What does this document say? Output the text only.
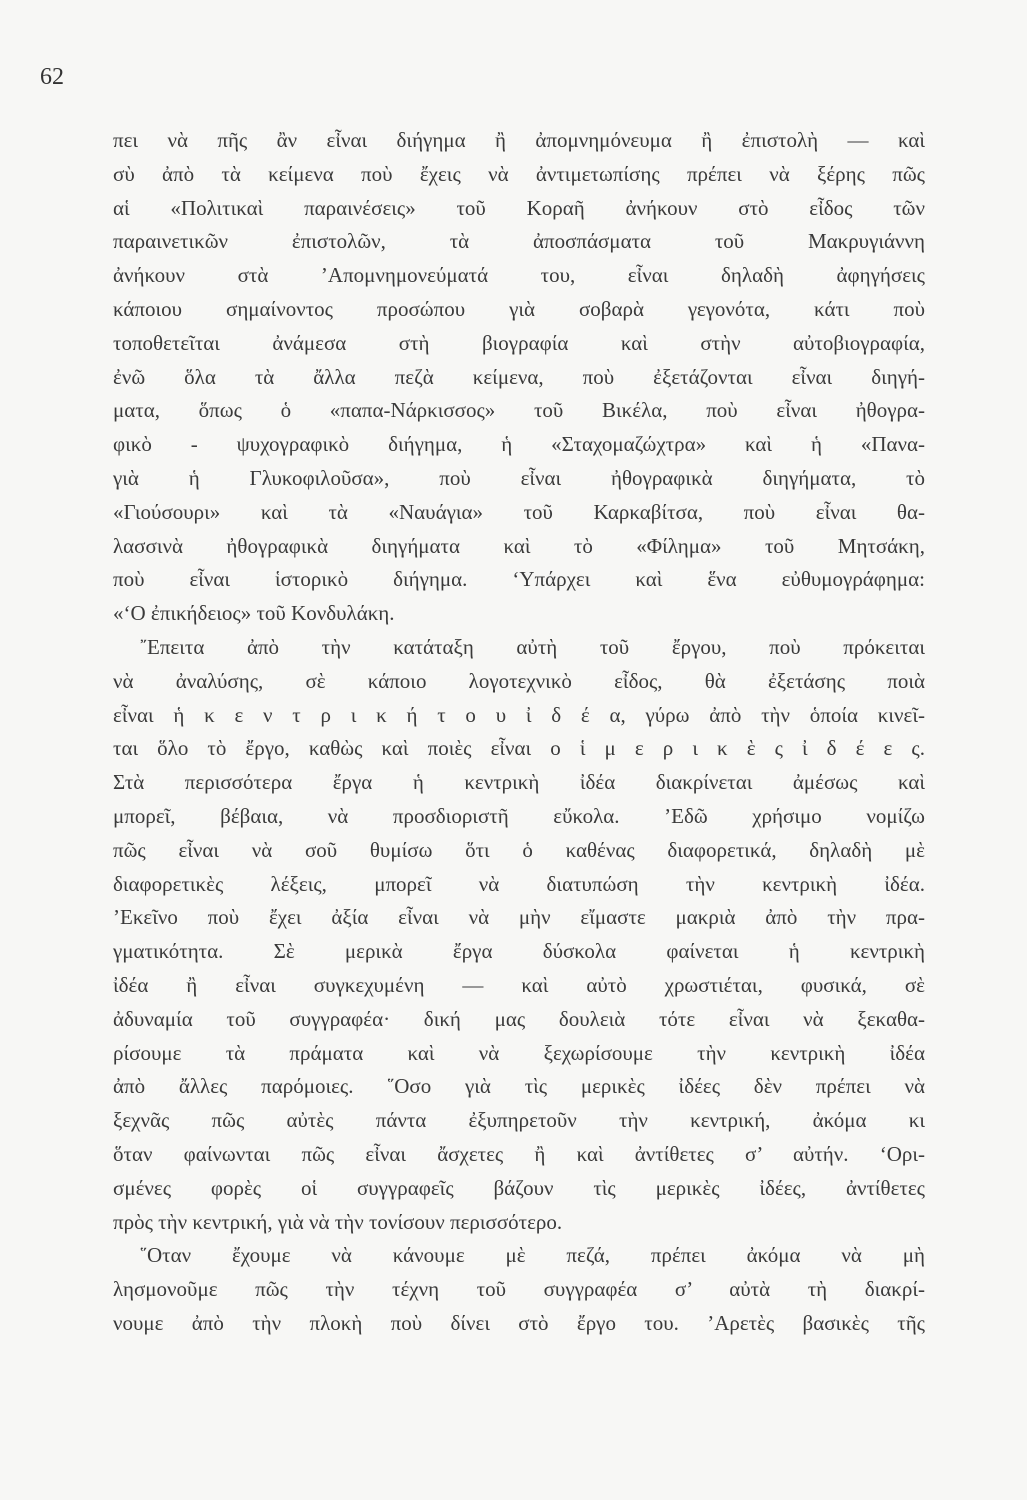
62
πει νὰ πῆς ἂν εἶναι διήγημα ἢ ἀπομνημόνευμα ἢ ἐπιστολὴ — καὶ
σὺ ἀπὸ τὰ κείμενα ποὺ ἔχεις νὰ ἀντιμετωπίσης πρέπει νὰ ξέρης πῶς
αἱ «Πολιτικαὶ παραινέσεις» τοῦ Κοραῆ ἀνήκουν στὸ εἶδος τῶν
παραινετικῶν ἐπιστολῶν, τὰ ἀποσπάσματα τοῦ Μακρυγιάννη
ἀνήκουν στὰ ’Απομνημονεύματά του, εἶναι δηλαδὴ ἀφηγήσεις
κάποιου σημαίνοντος προσώπου γιὰ σοβαρὰ γεγονότα, κάτι ποὺ
τοποθετεῖται ἀνάμεσα στὴ βιογραφία καὶ στὴν αὐτοβιογραφία,
ἐνῶ ὅλα τὰ ἄλλα πεζὰ κείμενα, ποὺ ἐξετάζονται εἶναι διηγή-
ματα, ὅπως ὁ «παπα-Νάρκισσος» τοῦ Βικέλα, ποὺ εἶναι ἠθογρα-
φικὸ - ψυχογραφικὸ διήγημα, ἡ «Σταχομαζώχτρα» καὶ ἡ «Πανα-
γιὰ ἡ Γλυκοφιλοῦσα», ποὺ εἶναι ἠθογραφικὰ διηγήματα, τὸ
«Γιούσουρι» καὶ τὰ «Ναυάγια» τοῦ Καρκαβίτσα, ποὺ εἶναι θα-
λασσινὰ ἠθογραφικὰ διηγήματα καὶ τὸ «Φίλημα» τοῦ Μητσάκη,
ποὺ εἶναι ἱστορικὸ διήγημα. ‘Υπάρχει καὶ ἕνα εὐθυμογράφημα:
«‘Ο ἐπικήδειος» τοῦ Κονδυλάκη.
῎Επειτα ἀπὸ τὴν κατάταξη αὐτὴ τοῦ ἔργου, ποὺ πρόκειται
νὰ ἀναλύσης, σὲ κάποιο λογοτεχνικὸ εἶδος, θὰ ἐξετάσης ποιὰ
εἶναι ἡ κ ε ν τ ρ ι κ ή τ ο υ ἰ δ έ α, γύρω ἀπὸ τὴν ὁποία κινεῖ-
ται ὅλο τὸ ἔργο, καθὼς καὶ ποιὲς εἶναι ο ἱ μ ε ρ ι κ ὲ ς ἰ δ έ ε ς.
Στὰ περισσότερα ἔργα ἡ κεντρικὴ ἰδέα διακρίνεται ἀμέσως καὶ
μπορεῖ, βέβαια, νὰ προσδιοριστῆ εὔκολα. ’Εδῶ χρήσιμο νομίζω
πῶς εἶναι νὰ σοῦ θυμίσω ὅτι ὁ καθένας διαφορετικά, δηλαδὴ μὲ
διαφορετικὲς λέξεις, μπορεῖ νὰ διατυπώση τὴν κεντρικὴ ἰδέα.
’Εκεῖνο ποὺ ἔχει ἀξία εἶναι νὰ μὴν εἴμαστε μακριὰ ἀπὸ τὴν πρα-
γματικότητα. Σὲ μερικὰ ἔργα δύσκολα φαίνεται ἡ κεντρικὴ
ἰδέα ἢ εἶναι συγκεχυμένη — καὶ αὐτὸ χρωστιέται, φυσικά, σὲ
ἀδυναμία τοῦ συγγραφέα· δική μας δουλειὰ τότε εἶναι νὰ ξεκαθα-
ρίσουμε τὰ πράματα καὶ νὰ ξεχωρίσουμε τὴν κεντρικὴ ἰδέα
ἀπὸ ἄλλες παρόμοιες. ῞Οσο γιὰ τὶς μερικὲς ἰδέες δὲν πρέπει νὰ
ξεχνᾶς πῶς αὐτὲς πάντα ἐξυπηρετοῦν τὴν κεντρική, ἀκόμα κι
ὅταν φαίνωνται πῶς εἶναι ἄσχετες ἢ καὶ ἀντίθετες σ’ αὐτήν. ‘Ορι-
σμένες φορὲς οἱ συγγραφεῖς βάζουν τὶς μερικὲς ἰδέες, ἀντίθετες
πρὸς τὴν κεντρική, γιὰ νὰ τὴν τονίσουν περισσότερο.
῞Οταν ἔχουμε νὰ κάνουμε μὲ πεζά, πρέπει ἀκόμα νὰ μὴ
λησμονοῦμε πῶς τὴν τέχνη τοῦ συγγραφέα σ’ αὐτὰ τὴ διακρί-
νουμε ἀπὸ τὴν πλοκὴ ποὺ δίνει στὸ ἔργο του. ’Αρετὲς βασικὲς τῆς
